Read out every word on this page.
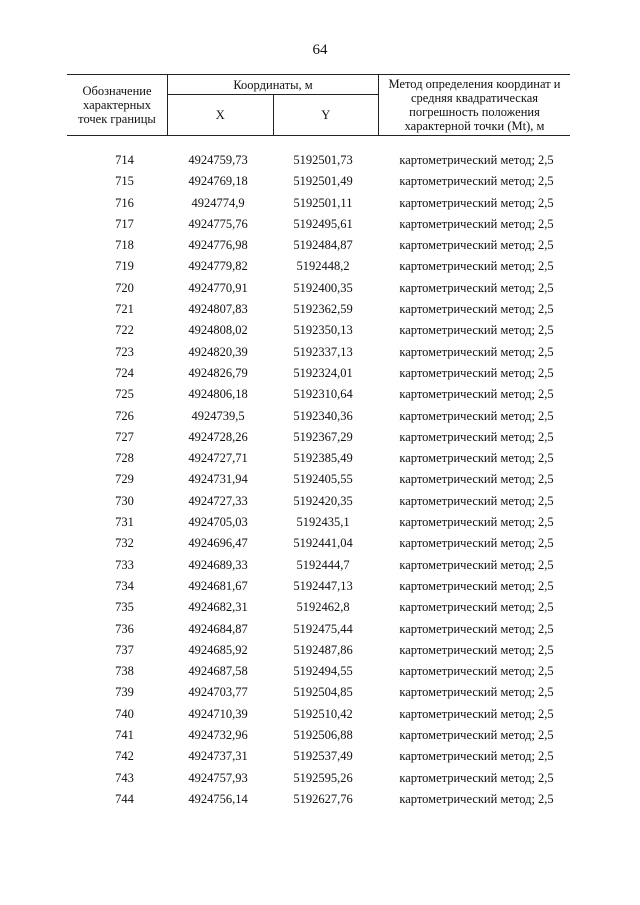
64
Обозначение характерных точек границы	Координаты, м		Метод определения координат и средняя квадратическая погрешность положения характерной точки (Mt), м
	X	Y	
714	4924759,73	5192501,73	картометрический метод; 2,5
715	4924769,18	5192501,49	картометрический метод; 2,5
716	4924774,9	5192501,11	картометрический метод; 2,5
717	4924775,76	5192495,61	картометрический метод; 2,5
718	4924776,98	5192484,87	картометрический метод; 2,5
719	4924779,82	5192448,2	картометрический метод; 2,5
720	4924770,91	5192400,35	картометрический метод; 2,5
721	4924807,83	5192362,59	картометрический метод; 2,5
722	4924808,02	5192350,13	картометрический метод; 2,5
723	4924820,39	5192337,13	картометрический метод; 2,5
724	4924826,79	5192324,01	картометрический метод; 2,5
725	4924806,18	5192310,64	картометрический метод; 2,5
726	4924739,5	5192340,36	картометрический метод; 2,5
727	4924728,26	5192367,29	картометрический метод; 2,5
728	4924727,71	5192385,49	картометрический метод; 2,5
729	4924731,94	5192405,55	картометрический метод; 2,5
730	4924727,33	5192420,35	картометрический метод; 2,5
731	4924705,03	5192435,1	картометрический метод; 2,5
732	4924696,47	5192441,04	картометрический метод; 2,5
733	4924689,33	5192444,7	картометрический метод; 2,5
734	4924681,67	5192447,13	картометрический метод; 2,5
735	4924682,31	5192462,8	картометрический метод; 2,5
736	4924684,87	5192475,44	картометрический метод; 2,5
737	4924685,92	5192487,86	картометрический метод; 2,5
738	4924687,58	5192494,55	картометрический метод; 2,5
739	4924703,77	5192504,85	картометрический метод; 2,5
740	4924710,39	5192510,42	картометрический метод; 2,5
741	4924732,96	5192506,88	картометрический метод; 2,5
742	4924737,31	5192537,49	картометрический метод; 2,5
743	4924757,93	5192595,26	картометрический метод; 2,5
744	4924756,14	5192627,76	картометрический метод; 2,5
